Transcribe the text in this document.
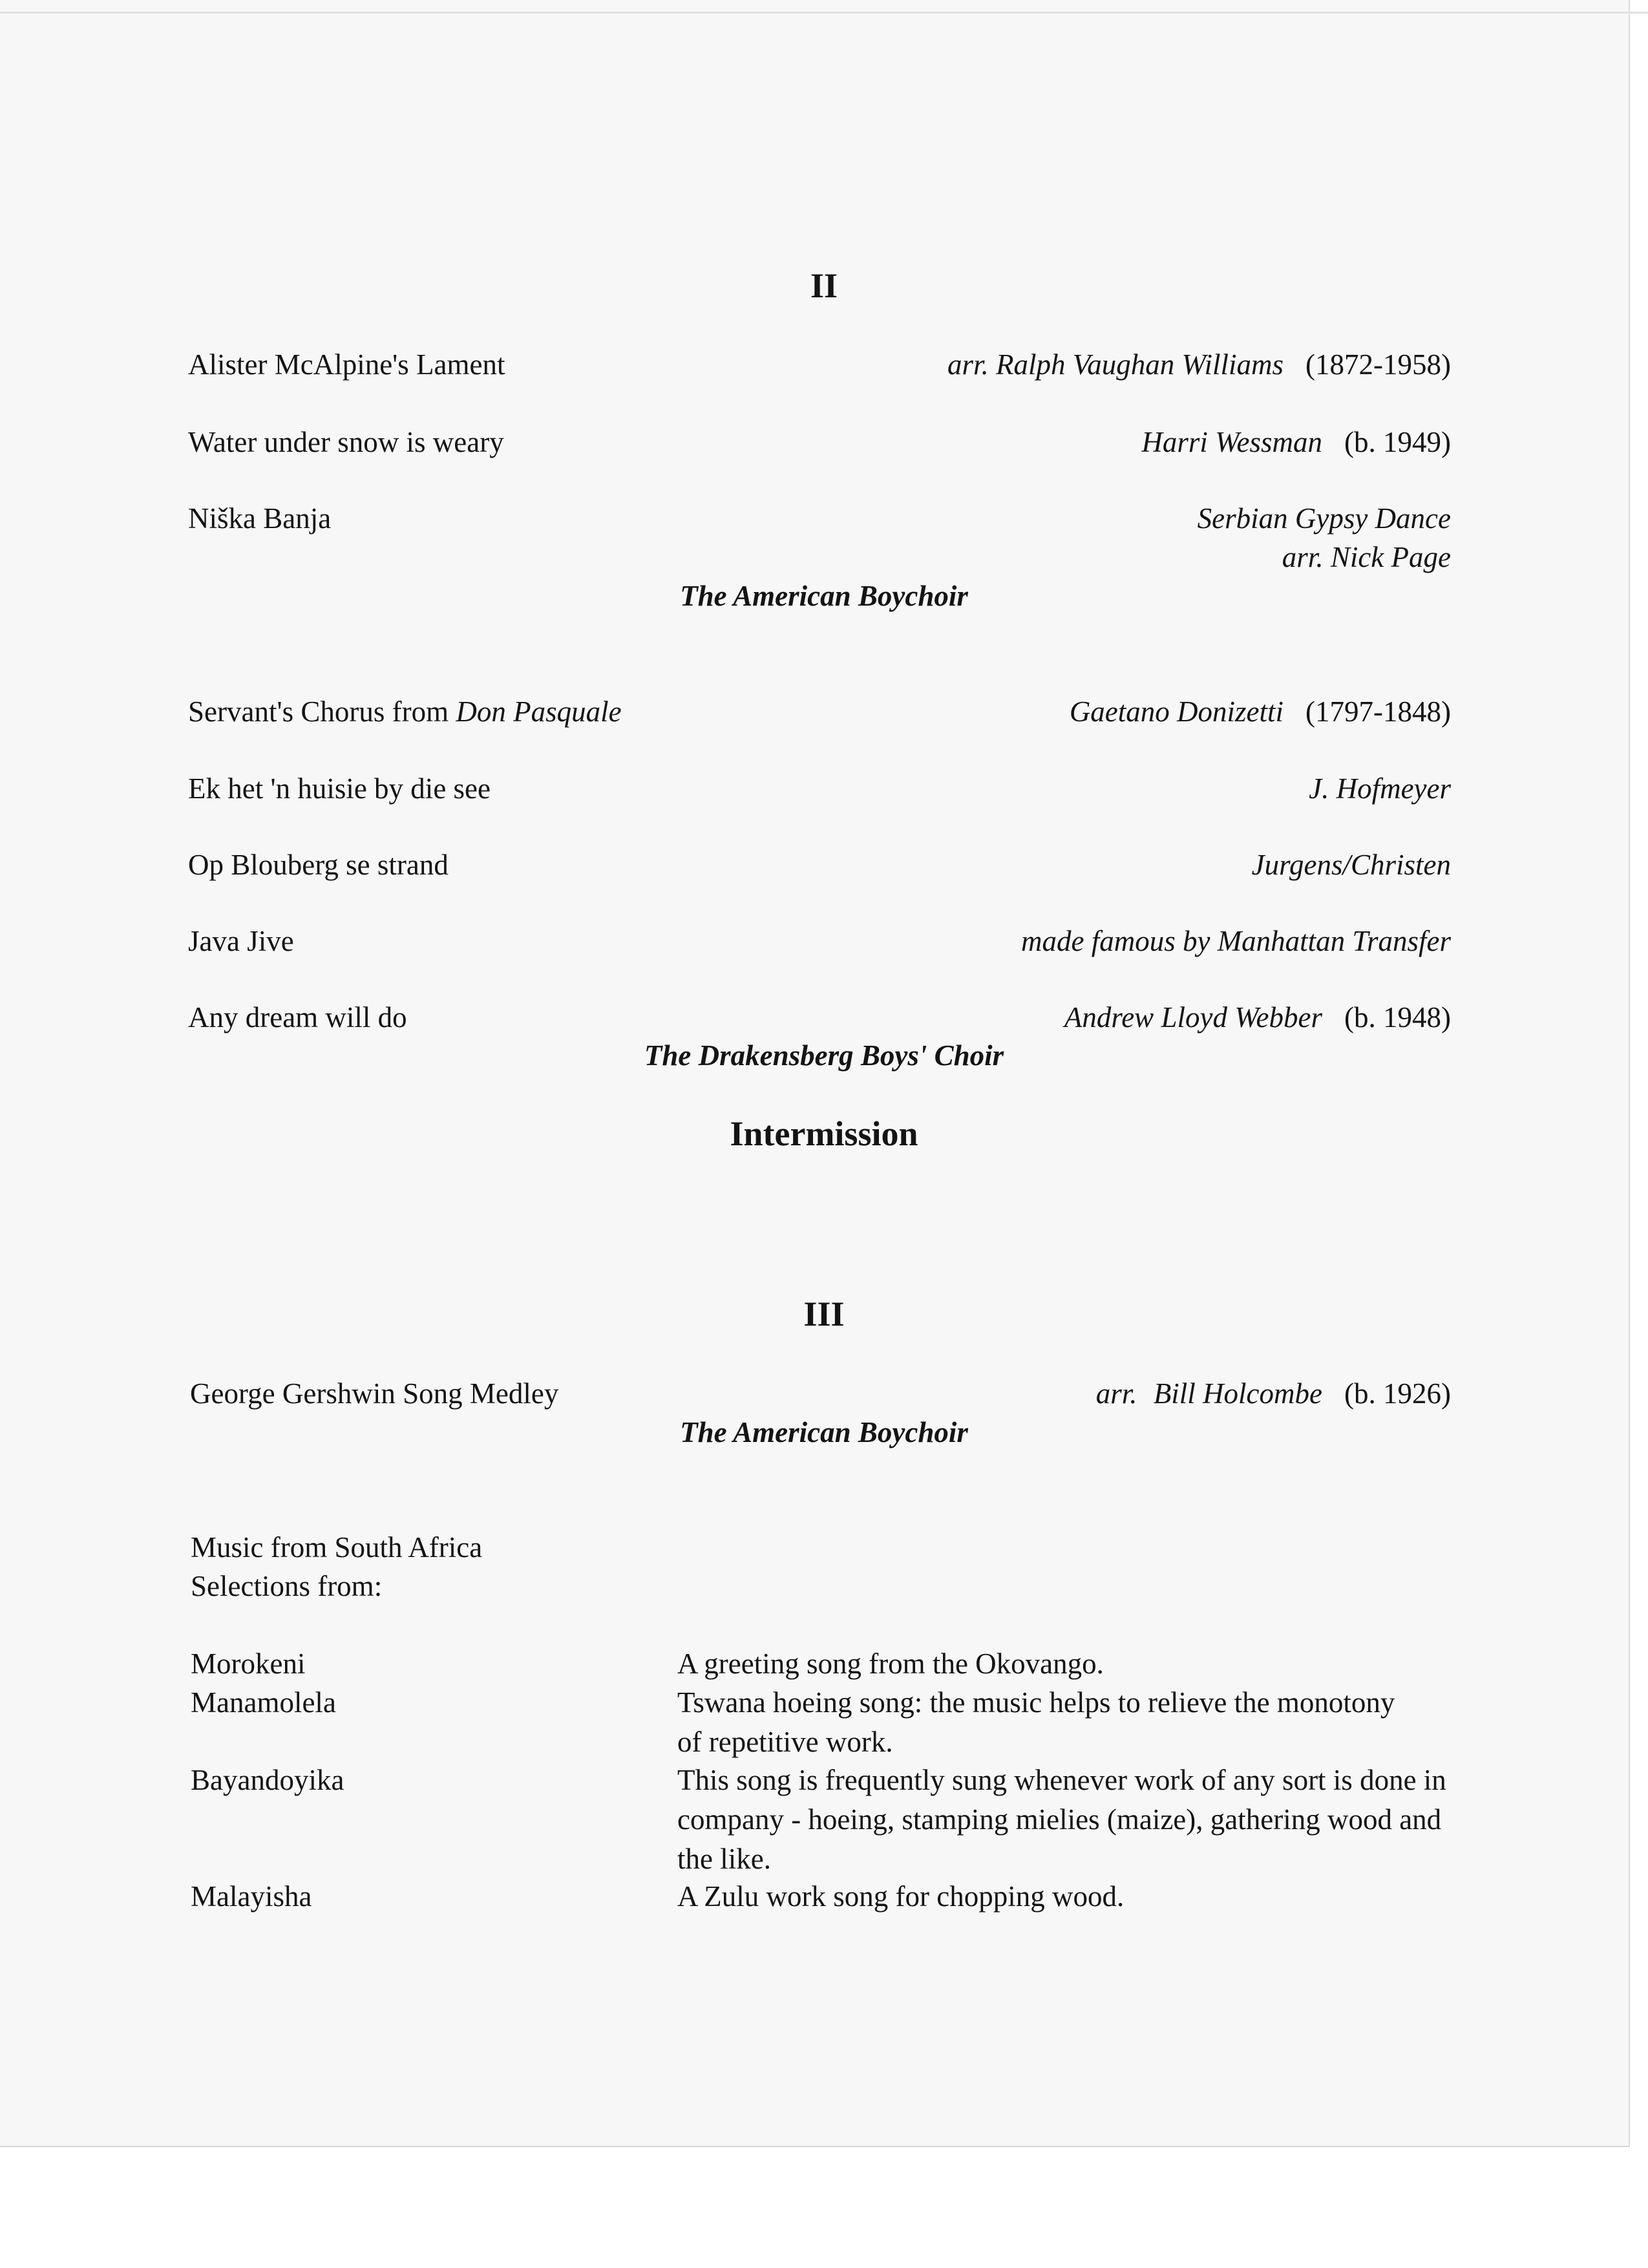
II
Alister McAlpine's Lament	arr. Ralph Vaughan Williams (1872-1958)
Water under snow is weary	Harri Wessman (b. 1949)
Niška Banja	Serbian Gypsy Dance
arr. Nick Page
The American Boychoir
Servant's Chorus from Don Pasquale	Gaetano Donizetti (1797-1848)
Ek het 'n huisie by die see	J. Hofmeyer
Op Blouberg se strand	Jurgens/Christen
Java Jive	made famous by Manhattan Transfer
Any dream will do	Andrew Lloyd Webber (b. 1948)
The Drakensberg Boys' Choir
Intermission
III
George Gershwin Song Medley	arr. Bill Holcombe (b. 1926)
The American Boychoir
Music from South Africa
Selections from:
Morokeni	A greeting song from the Okovango.
Manamolela	Tswana hoeing song: the music helps to relieve the monotony of repetitive work.
Bayandoyika	This song is frequently sung whenever work of any sort is done in company - hoeing, stamping mielies (maize), gathering wood and the like.
Malayisha	A Zulu work song for chopping wood.
